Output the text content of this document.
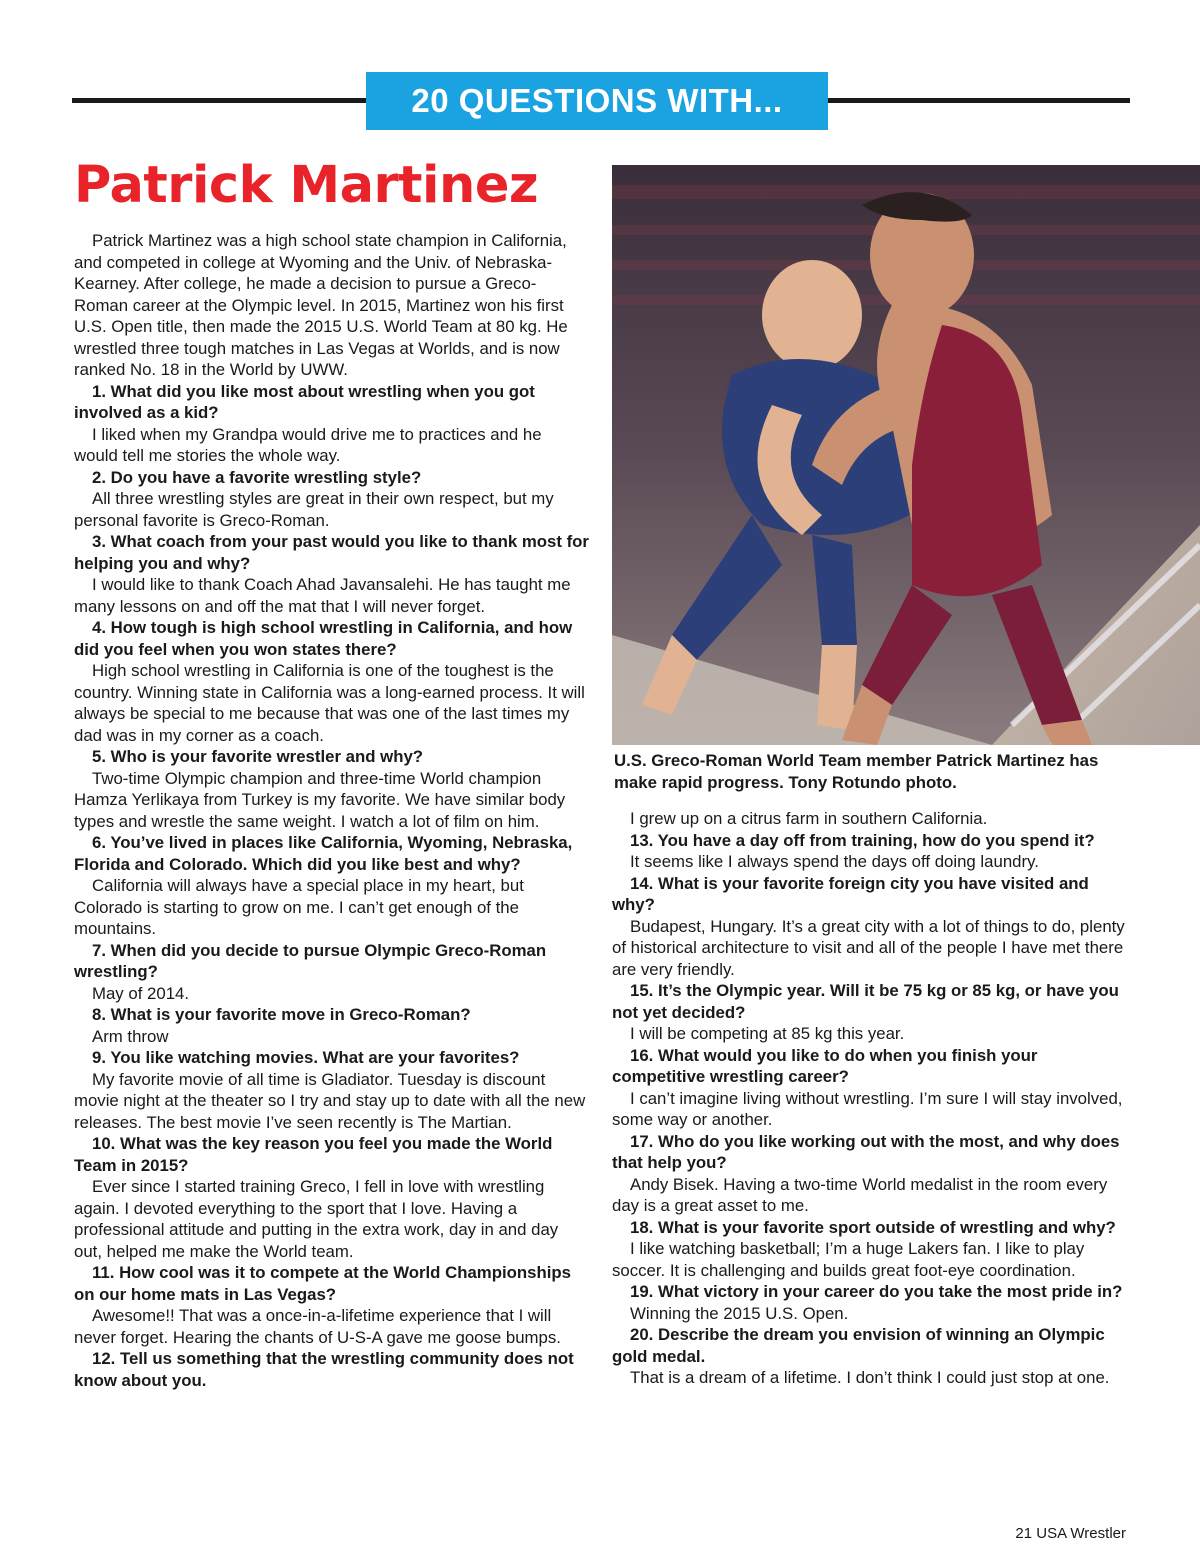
20 QUESTIONS WITH...
Patrick Martinez

Patrick Martinez was a high school state champion in California, and competed in college at Wyoming and the Univ. of Nebraska-Kearney. After college, he made a decision to pursue a Greco-Roman career at the Olympic level. In 2015, Martinez won his first U.S. Open title, then made the 2015 U.S. World Team at 80 kg. He wrestled three tough matches in Las Vegas at Worlds, and is now ranked No. 18 in the World by UWW.

1. What did you like most about wrestling when you got involved as a kid?

I liked when my Grandpa would drive me to practices and he would tell me stories the whole way.

2. Do you have a favorite wrestling style?

All three wrestling styles are great in their own respect, but my personal favorite is Greco-Roman.

3. What coach from your past would you like to thank most for helping you and why?

I would like to thank Coach Ahad Javansalehi. He has taught me many lessons on and off the mat that I will never forget.

4. How tough is high school wrestling in California, and how did you feel when you won states there?

High school wrestling in California is one of the toughest is the country. Winning state in California was a long-earned process. It will always be special to me because that was one of the last times my dad was in my corner as a coach.

5. Who is your favorite wrestler and why?

Two-time Olympic champion and three-time World champion Hamza Yerlikaya from Turkey is my favorite. We have similar body types and wrestle the same weight. I watch a lot of film on him.

6. You’ve lived in places like California, Wyoming, Nebraska, Florida and Colorado. Which did you like best and why?

California will always have a special place in my heart, but Colorado is starting to grow on me. I can’t get enough of the mountains.

7. When did you decide to pursue Olympic Greco-Roman wrestling?

May of 2014.

8. What is your favorite move in Greco-Roman?

Arm throw

9. You like watching movies. What are your favorites?

My favorite movie of all time is Gladiator. Tuesday is discount movie night at the theater so I try and stay up to date with all the new releases. The best movie I’ve seen recently is The Martian.

10. What was the key reason you feel you made the World Team in 2015?

Ever since I started training Greco, I fell in love with wrestling again. I devoted everything to the sport that I love. Having a professional attitude and putting in the extra work, day in and day out, helped me make the World team.

11. How cool was it to compete at the World Championships on our home mats in Las Vegas?

Awesome!! That was a once-in-a-lifetime experience that I will never forget. Hearing the chants of U-S-A gave me goose bumps.

12. Tell us something that the wrestling community does not know about you.

U.S. Greco-Roman World Team member Patrick Martinez has make rapid progress. Tony Rotundo photo.

I grew up on a citrus farm in southern California.

13. You have a day off from training, how do you spend it?

It seems like I always spend the days off doing laundry.

14. What is your favorite foreign city you have visited and why?

Budapest, Hungary. It’s a great city with a lot of things to do, plenty of historical architecture to visit and all of the people I have met there are very friendly.

15. It’s the Olympic year. Will it be 75 kg or 85 kg, or have you not yet decided?

I will be competing at 85 kg this year.

16. What would you like to do when you finish your competitive wrestling career?

I can’t imagine living without wrestling. I’m sure I will stay involved, some way or another.

17. Who do you like working out with the most, and why does that help you?

Andy Bisek. Having a two-time World medalist in the room every day is a great asset to me.

18. What is your favorite sport outside of wrestling and why?

I like watching basketball; I’m a huge Lakers fan. I like to play soccer. It is challenging and builds great foot-eye coordination.

19. What victory in your career do you take the most pride in?

Winning the 2015 U.S. Open.

20. Describe the dream you envision of winning an Olympic gold medal.

That is a dream of a lifetime. I don’t think I could just stop at one.

21 USA Wrestler
